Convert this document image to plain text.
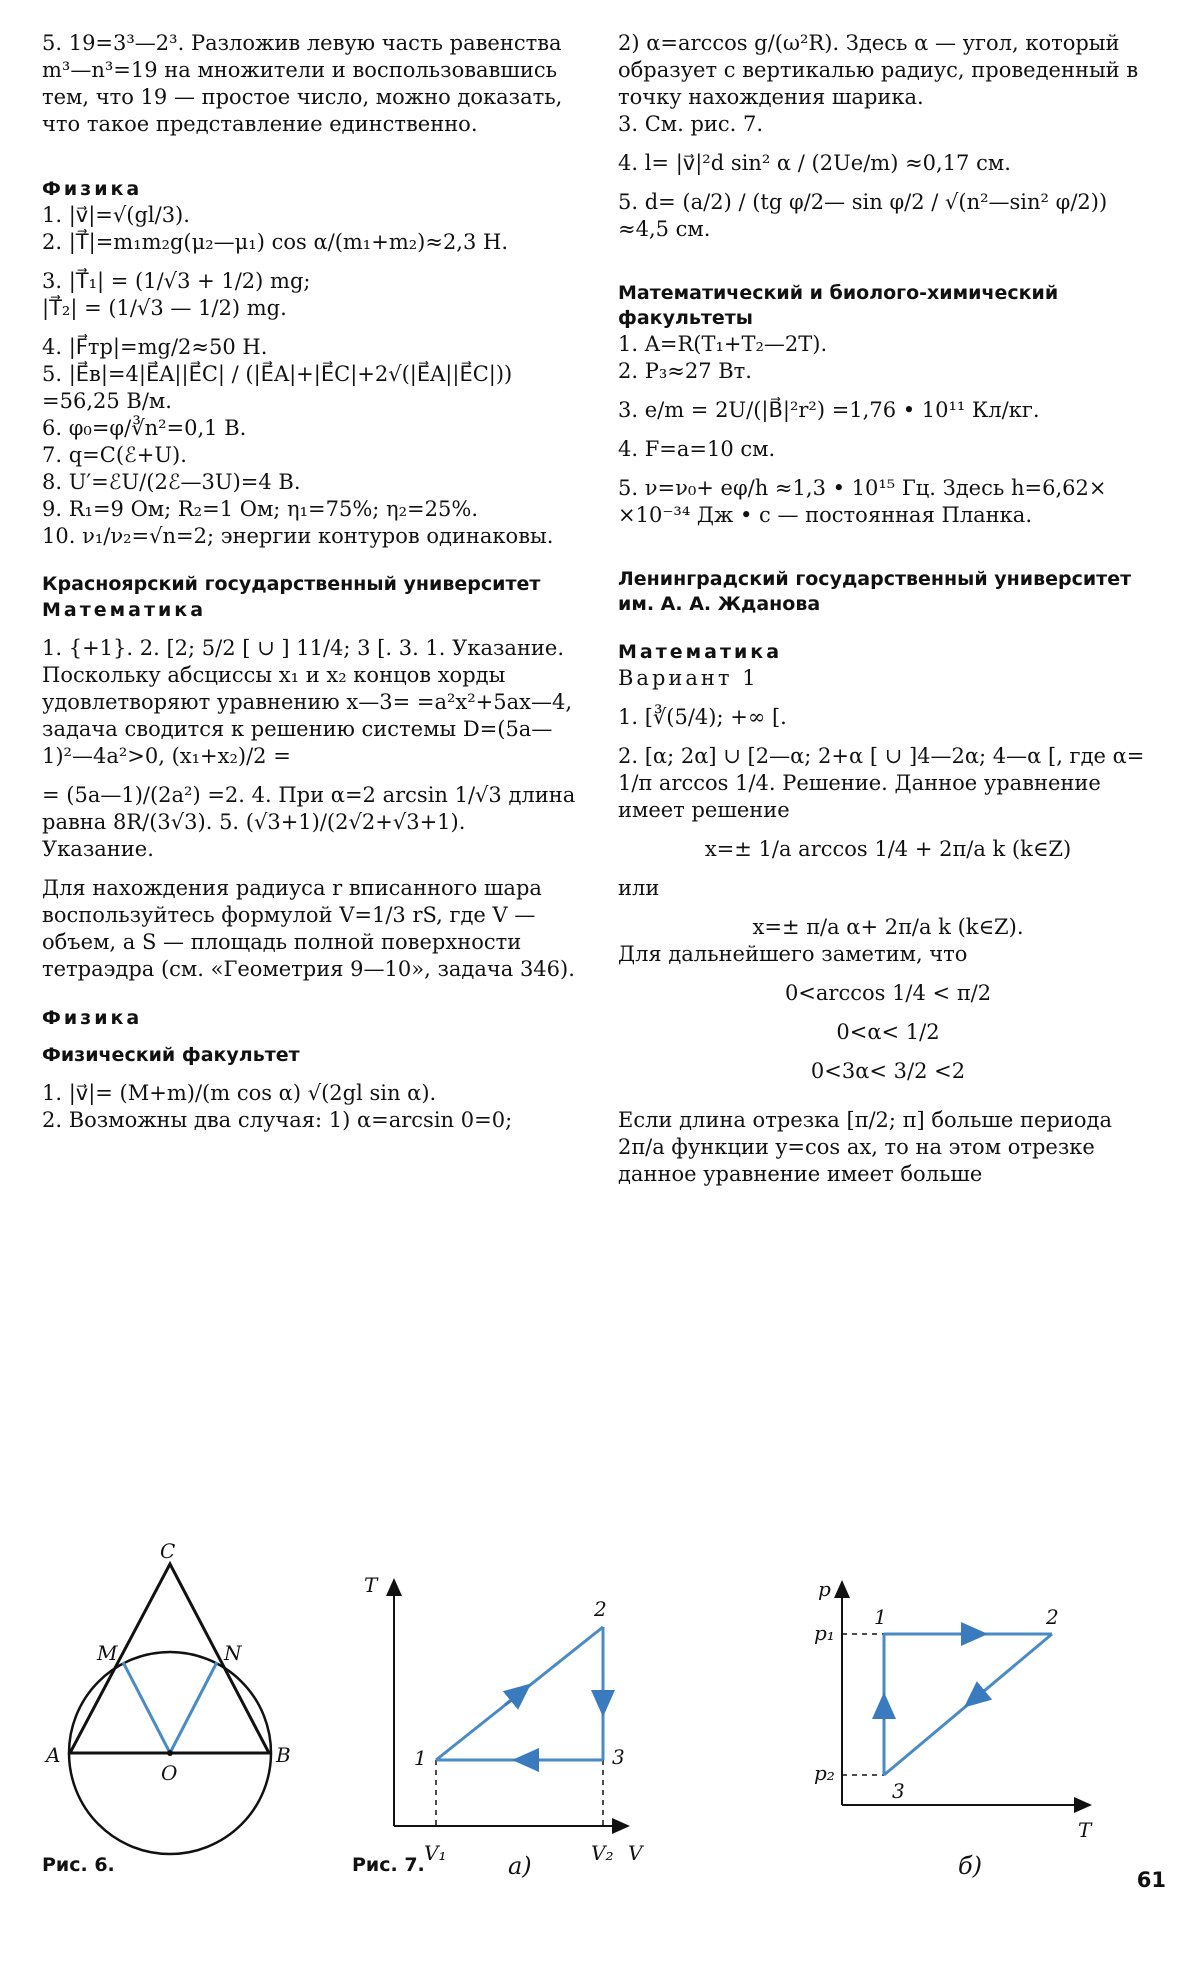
5. 19=3³—2³. Разложив левую часть равенства m³—n³=19 на множители и воспользовавшись тем, что 19 — простое число, можно доказать, что такое представление единственно.

Физика

1. |v⃗|=√(gl/3).

2. |T⃗|=m₁m₂g(μ₂—μ₁) cos α/(m₁+m₂)≈2,3 Н.

3. |T⃗₁| = (1/√3 + 1/2) mg;

|T⃗₂| = (1/√3 — 1/2) mg.

4. |F⃗тр|=mg/2≈50 Н.

5. |E⃗в|=4|E⃗A||E⃗C| / (|E⃗A|+|E⃗C|+2√(|E⃗A||E⃗C|)) =56,25 В/м.

6. φ₀=φ/∛n²=0,1 В.

7. q=C(ℰ+U).

8. U′=ℰU/(2ℰ—3U)=4 В.

9. R₁=9 Ом; R₂=1 Ом; η₁=75%; η₂=25%.

10. ν₁/ν₂=√n=2; энергии контуров одинаковы.

Красноярский государственный университет

Математика

1. {+1}. 2. [2; 5/2 [ ∪ ] 11/4; 3 [. 3. 1. Указание. Поскольку абсциссы x₁ и x₂ концов хорды удовлетворяют уравнению x—3= =a²x²+5ax—4, задача сводится к решению системы D=(5a—1)²—4a²>0, (x₁+x₂)/2 =

= (5a—1)/(2a²) =2. 4. При α=2 arcsin 1/√3 длина равна 8R/(3√3). 5. (√3+1)/(2√2+√3+1). Указание.

Для нахождения радиуса r вписанного шара воспользуйтесь формулой V=1/3 rS, где V — объем, a S — площадь полной поверхности тетраэдра (см. «Геометрия 9—10», задача 346).

Физика

Физический факультет

1. |v⃗|= (M+m)/(m cos α) √(2gl sin α).

2. Возможны два случая: 1) α=arcsin 0=0;

2) α=arccos g/(ω²R). Здесь α — угол, который образует с вертикалью радиус, проведенный в точку нахождения шарика.

3. См. рис. 7.

4. l= |v⃗|²d sin² α / (2Ue/m) ≈0,17 см.

5. d= (a/2) / (tg φ/2— sin φ/2 / √(n²—sin² φ/2)) ≈4,5 см.

Математический и биолого-химический факультеты

1. A=R(T₁+T₂—2T).

2. P₃≈27 Вт.

3. e/m = 2U/(|B⃗|²r²) =1,76 • 10¹¹ Кл/кг.

4. F=a=10 см.

5. ν=ν₀+ eφ/h ≈1,3 • 10¹⁵ Гц. Здесь h=6,62× ×10⁻³⁴ Дж • с — постоянная Планка.

Ленинградский государственный университет им. А. А. Жданова

Математика

Вариант 1

1. [∛(5/4); +∞ [.

2. [α; 2α] ∪ [2—α; 2+α [ ∪ ]4—2α; 4—α [, где α= 1/π arccos 1/4. Решение. Данное уравнение имеет решение

x=± 1/a arccos 1/4 + 2π/a k (k∈Z)

или

x=± π/a α+ 2π/a k (k∈Z).

Для дальнейшего заметим, что

0<arccos 1/4 < π/2

0<α< 1/2

0<3α< 3/2 <2

Если длина отрезка [π/2; π] больше периода 2π/a функции y=cos ax, то на этом отрезке данное уравнение имеет больше

C
M	N
A
O
B
T
V
V₁	V₂
1
2
3
p
T
p₁
p₂
1	2
3
Рис. 6.	Рис. 7.	а)	б)	61
